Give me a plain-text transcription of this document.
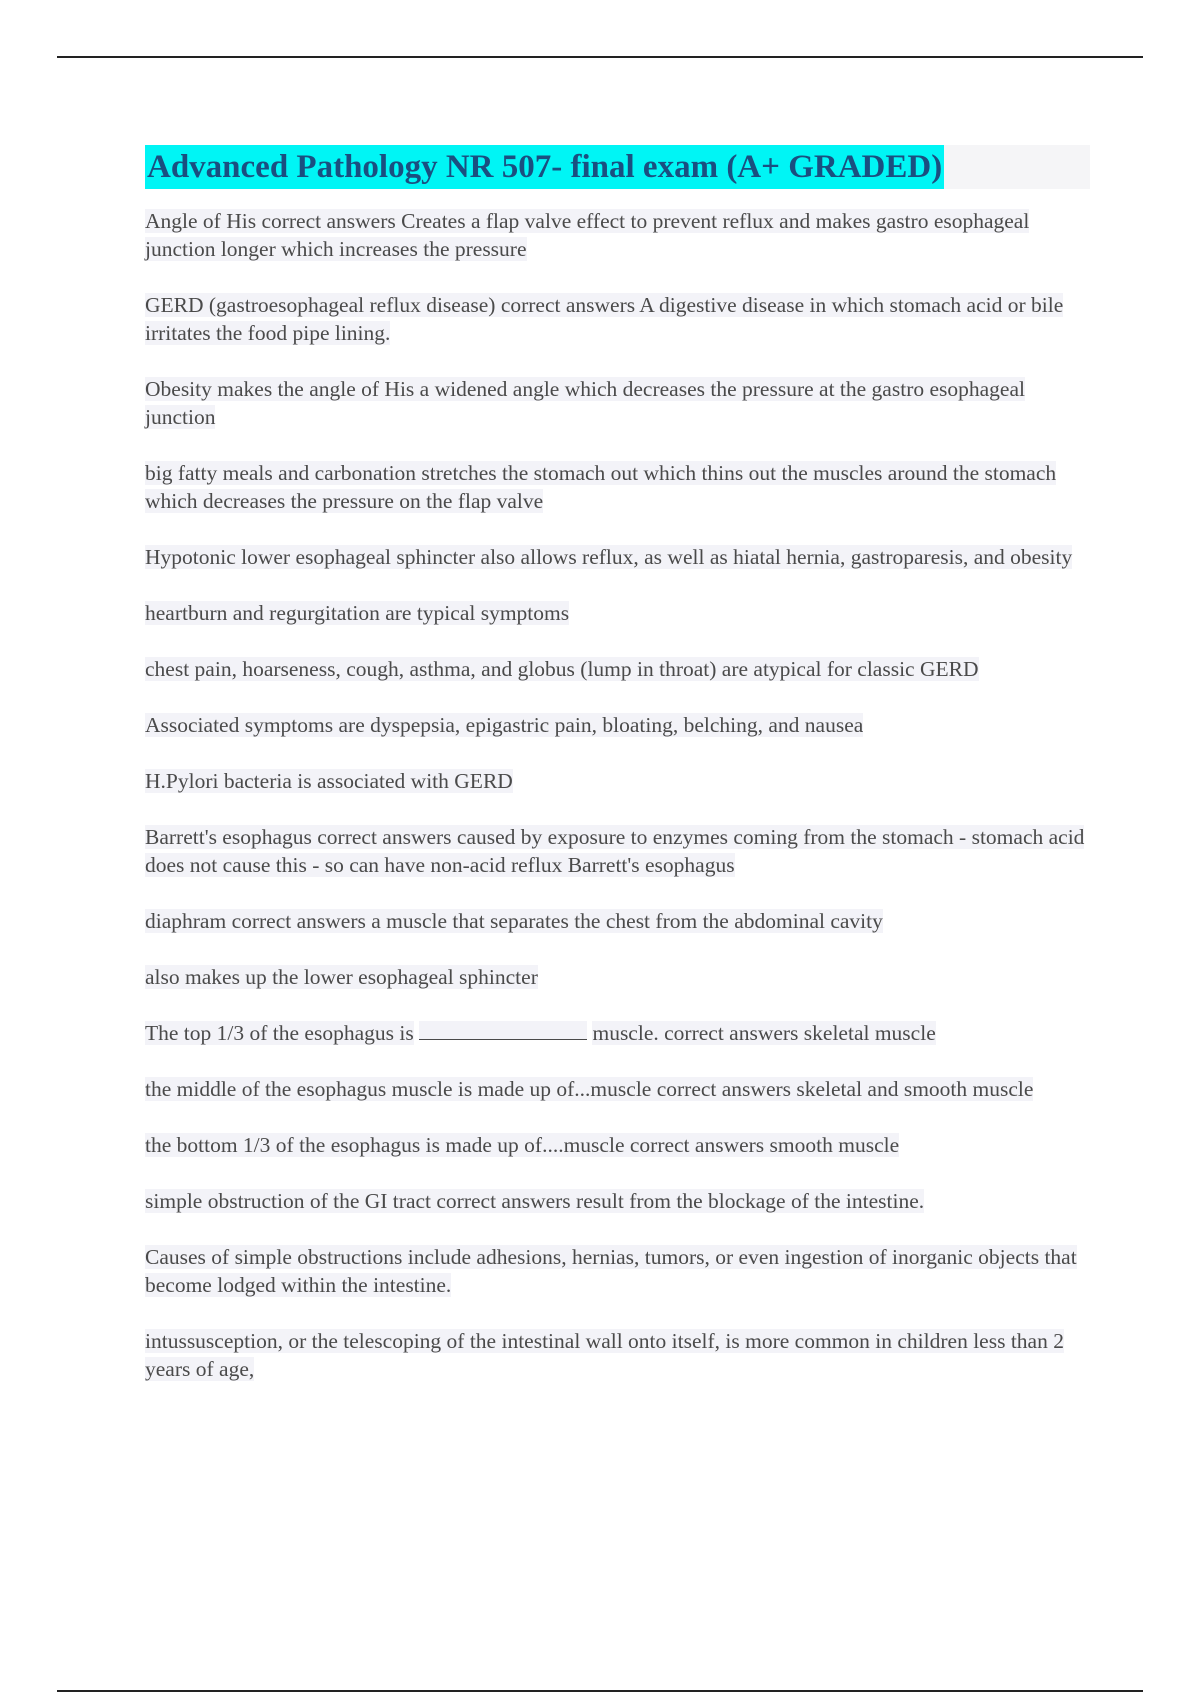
Advanced Pathology NR 507- final exam (A+ GRADED)

Angle of His correct answers Creates a flap valve effect to prevent reflux and makes gastro esophageal junction longer which increases the pressure

GERD (gastroesophageal reflux disease) correct answers A digestive disease in which stomach acid or bile irritates the food pipe lining.

Obesity makes the angle of His a widened angle which decreases the pressure at the gastro esophageal junction

big fatty meals and carbonation stretches the stomach out which thins out the muscles around the stomach which decreases the pressure on the flap valve

Hypotonic lower esophageal sphincter also allows reflux, as well as hiatal hernia, gastroparesis, and obesity

heartburn and regurgitation are typical symptoms

chest pain, hoarseness, cough, asthma, and globus (lump in throat) are atypical for classic GERD

Associated symptoms are dyspepsia, epigastric pain, bloating, belching, and nausea

H.Pylori bacteria is associated with GERD

Barrett's esophagus correct answers caused by exposure to enzymes coming from the stomach - stomach acid does not cause this - so can have non-acid reflux Barrett's esophagus

diaphram correct answers a muscle that separates the chest from the abdominal cavity

also makes up the lower esophageal sphincter

The top 1/3 of the esophagus is	muscle. correct answers skeletal muscle

the middle of the esophagus muscle is made up of...muscle correct answers skeletal and smooth muscle

the bottom 1/3 of the esophagus is made up of....muscle correct answers smooth muscle

simple obstruction of the GI tract correct answers result from the blockage of the intestine.

Causes of simple obstructions include adhesions, hernias, tumors, or even ingestion of inorganic objects that become lodged within the intestine.

intussusception, or the telescoping of the intestinal wall onto itself, is more common in children less than 2 years of age,
